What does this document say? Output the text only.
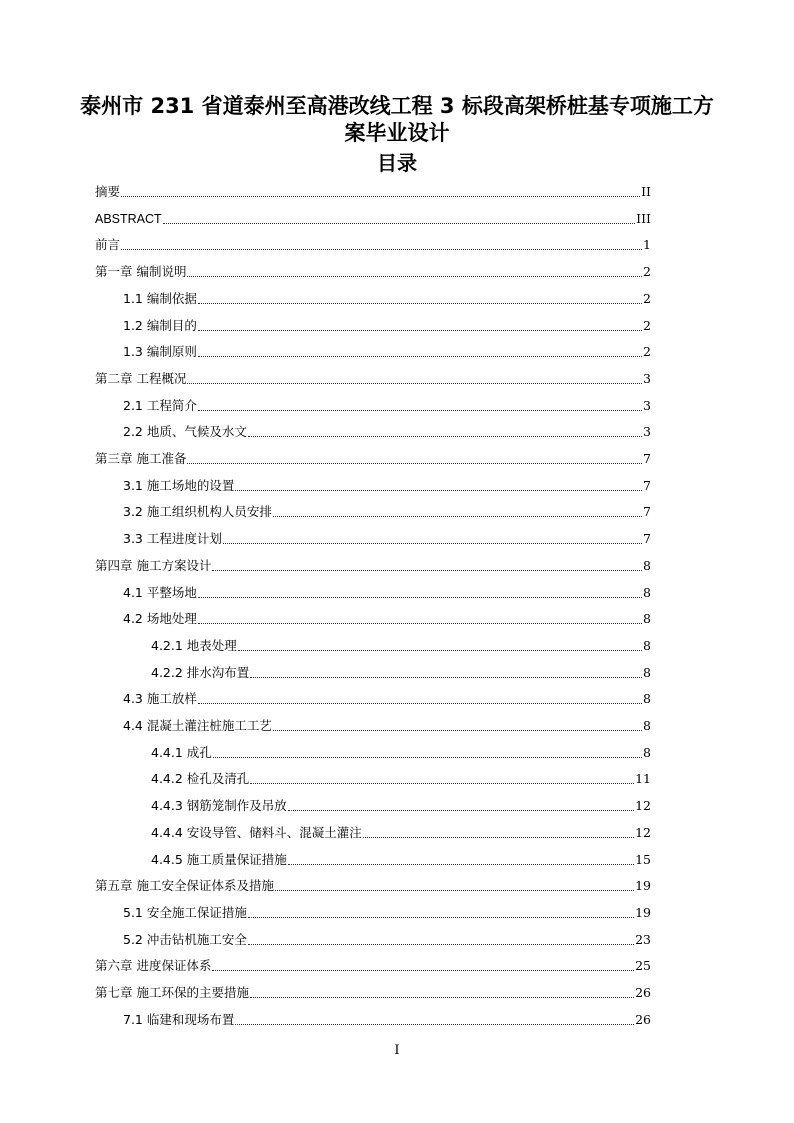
泰州市 231 省道泰州至高港改线工程 3 标段高架桥桩基专项施工方案毕业设计
目录
摘要	II
ABSTRACT	III
前言	1
第一章 编制说明	2
1.1 编制依据	2
1.2 编制目的	2
1.3 编制原则	2
第二章 工程概况	3
2.1 工程简介	3
2.2 地质、气候及水文	3
第三章 施工准备	7
3.1 施工场地的设置	7
3.2 施工组织机构人员安排	7
3.3 工程进度计划	7
第四章 施工方案设计	8
4.1 平整场地	8
4.2 场地处理	8
4.2.1 地表处理	8
4.2.2 排水沟布置	8
4.3 施工放样	8
4.4 混凝土灌注桩施工工艺	8
4.4.1 成孔	8
4.4.2 检孔及清孔	11
4.4.3 钢筋笼制作及吊放	12
4.4.4 安设导管、储料斗、混凝土灌注	12
4.4.5 施工质量保证措施	15
第五章 施工安全保证体系及措施	19
5.1 安全施工保证措施	19
5.2 冲击钻机施工安全	23
第六章 进度保证体系	25
第七章 施工环保的主要措施	26
7.1 临建和现场布置	26
I
